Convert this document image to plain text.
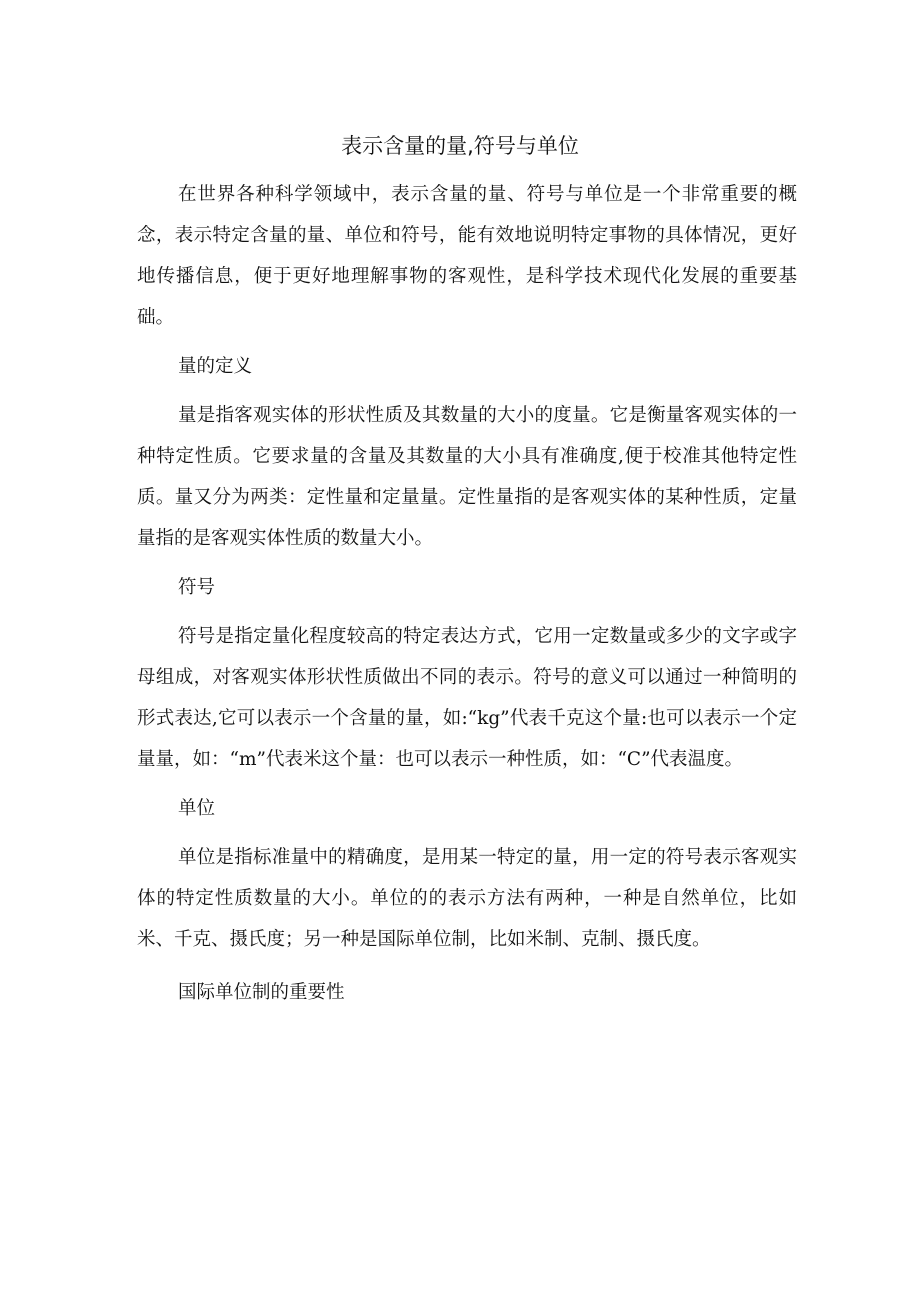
表示含量的量,符号与单位

在世界各种科学领域中，表示含量的量、符号与单位是一个非常重要的概念，表示特定含量的量、单位和符号，能有效地说明特定事物的具体情况，更好地传播信息，便于更好地理解事物的客观性，是科学技术现代化发展的重要基础。

量的定义

量是指客观实体的形状性质及其数量的大小的度量。它是衡量客观实体的一种特定性质。它要求量的含量及其数量的大小具有准确度,便于校准其他特定性质。量又分为两类：定性量和定量量。定性量指的是客观实体的某种性质，定量量指的是客观实体性质的数量大小。

符号

符号是指定量化程度较高的特定表达方式，它用一定数量或多少的文字或字母组成，对客观实体形状性质做出不同的表示。符号的意义可以通过一种简明的形式表达,它可以表示一个含量的量，如:“kg”代表千克这个量:也可以表示一个定量量，如：“m”代表米这个量：也可以表示一种性质，如：“C”代表温度。

单位

单位是指标准量中的精确度，是用某一特定的量，用一定的符号表示客观实体的特定性质数量的大小。单位的的表示方法有两种，一种是自然单位，比如米、千克、摄氏度；另一种是国际单位制，比如米制、克制、摄氏度。

国际单位制的重要性
